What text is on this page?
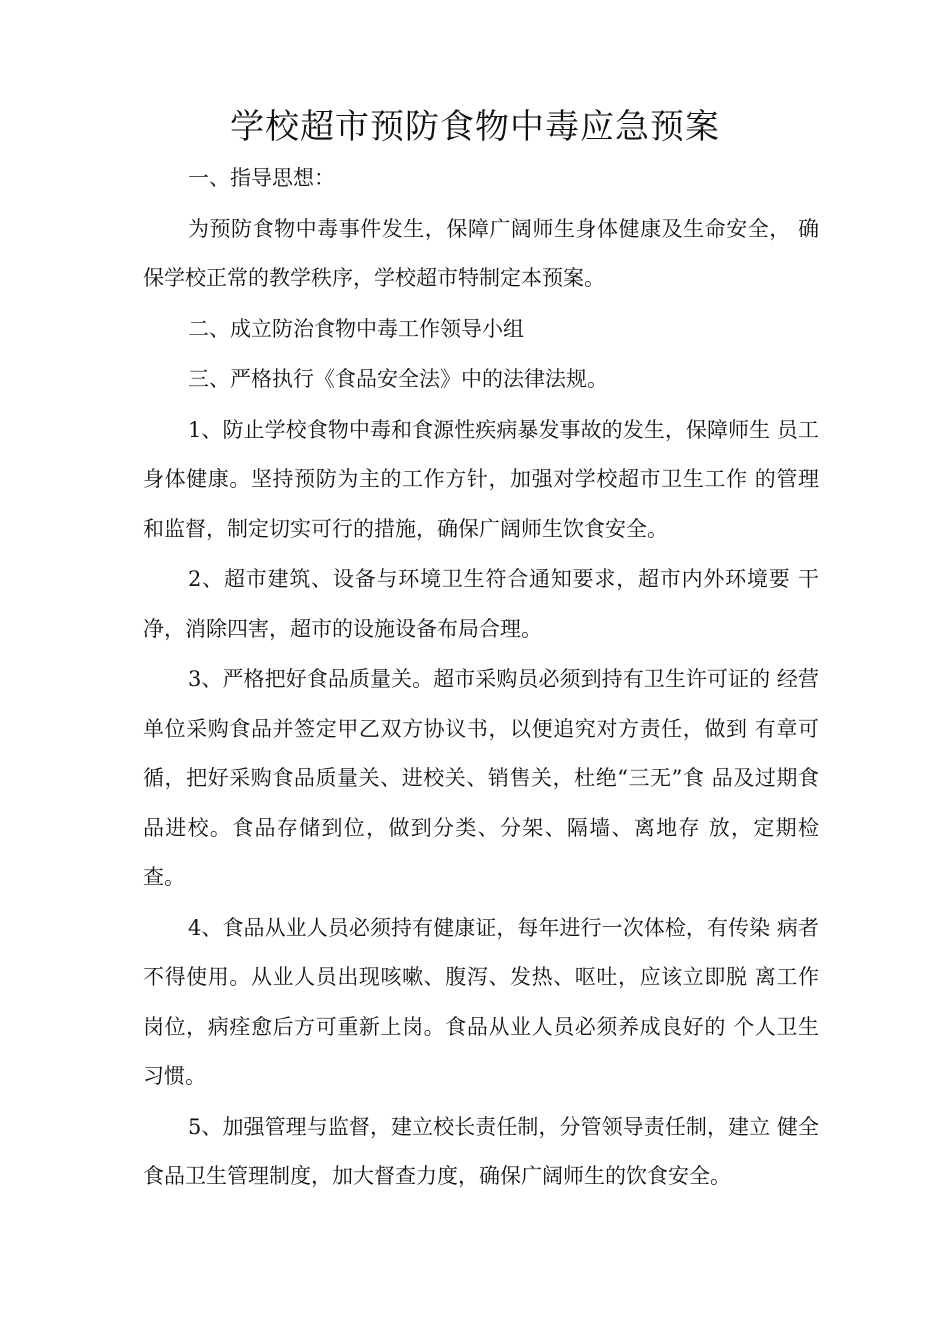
学校超市预防食物中毒应急预案

一、指导思想：

为预防食物中毒事件发生，保障广阔师生身体健康及生命安全， 确保学校正常的教学秩序，学校超市特制定本预案。

二、成立防治食物中毒工作领导小组

三、严格执行《食品安全法》中的法律法规。

1、防止学校食物中毒和食源性疾病暴发事故的发生，保障师生 员工身体健康。坚持预防为主的工作方针，加强对学校超市卫生工作 的管理和监督，制定切实可行的措施，确保广阔师生饮食安全。

2、超市建筑、设备与环境卫生符合通知要求，超市内外环境要 干净，消除四害，超市的设施设备布局合理。

3、严格把好食品质量关。超市采购员必须到持有卫生许可证的 经营单位采购食品并签定甲乙双方协议书，以便追究对方责任，做到 有章可循，把好采购食品质量关、进校关、销售关，杜绝“三无”食 品及过期食品进校。食品存储到位，做到分类、分架、隔墙、离地存 放，定期检查。

4、食品从业人员必须持有健康证，每年进行一次体检，有传染 病者不得使用。从业人员出现咳嗽、腹泻、发热、呕吐，应该立即脱 离工作岗位，病痊愈后方可重新上岗。食品从业人员必须养成良好的 个人卫生习惯。

5、加强管理与监督，建立校长责任制，分管领导责任制，建立 健全食品卫生管理制度，加大督查力度，确保广阔师生的饮食安全。
